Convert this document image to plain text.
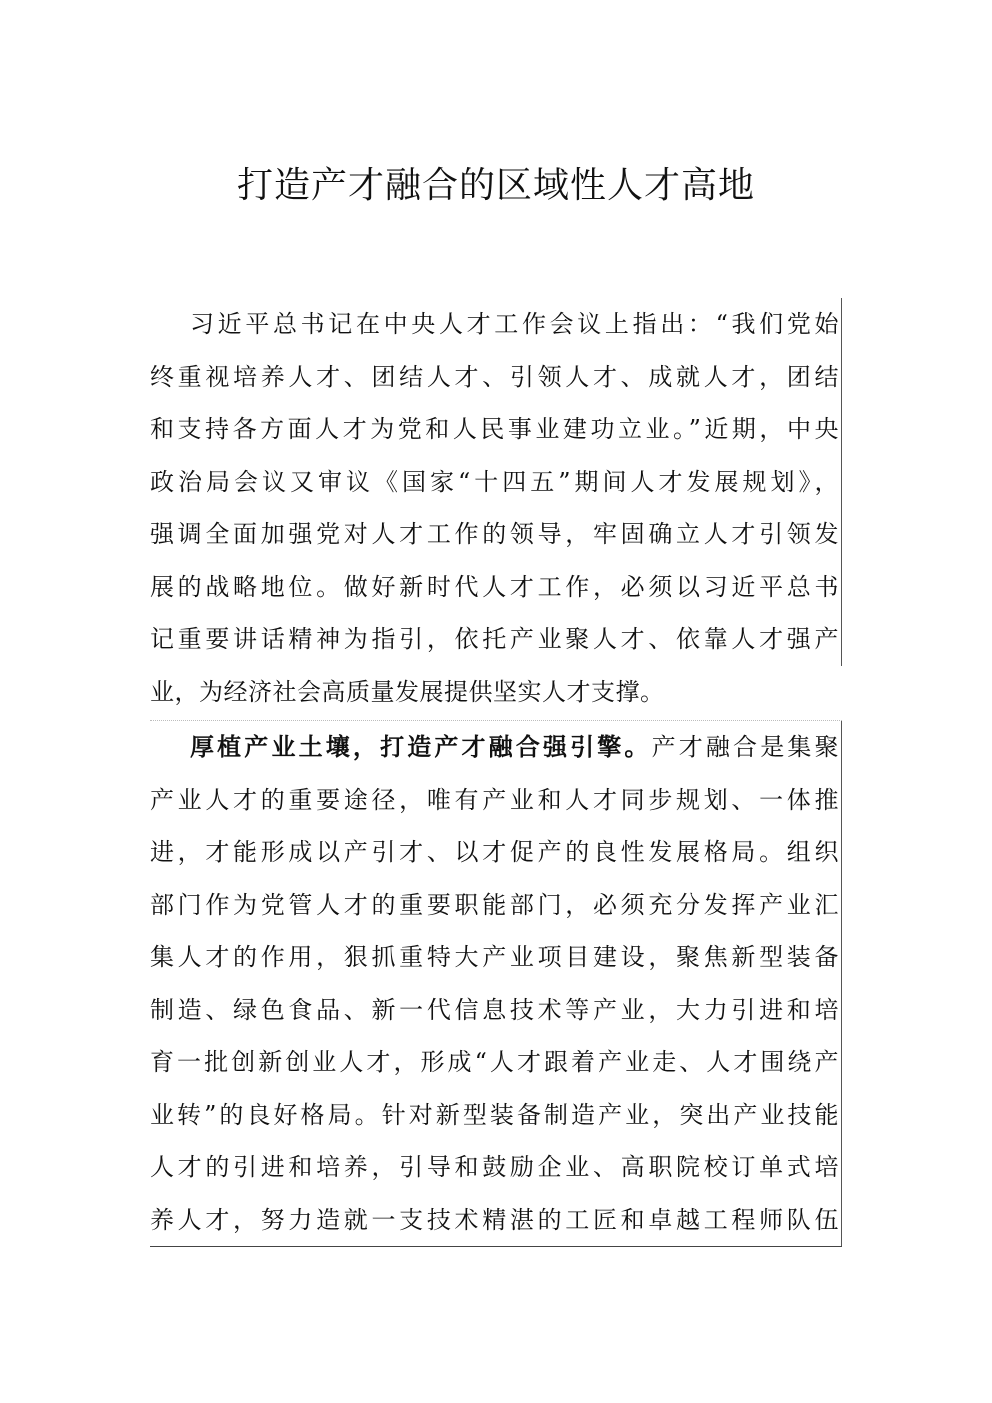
打造产才融合的区域性人才高地
习近平总书记在中央人才工作会议上指出：“我们党始
终重视培养人才、团结人才、引领人才、成就人才，团结
和支持各方面人才为党和人民事业建功立业。”近期，中央
政治局会议又审议《国家“十四五”期间人才发展规划》，
强调全面加强党对人才工作的领导，牢固确立人才引领发
展的战略地位。做好新时代人才工作，必须以习近平总书
记重要讲话精神为指引，依托产业聚人才、依靠人才强产
业，为经济社会高质量发展提供坚实人才支撑。
厚植产业土壤，打造产才融合强引擎。产才融合是集聚
产业人才的重要途径，唯有产业和人才同步规划、一体推
进，才能形成以产引才、以才促产的良性发展格局。组织
部门作为党管人才的重要职能部门，必须充分发挥产业汇
集人才的作用，狠抓重特大产业项目建设，聚焦新型装备
制造、绿色食品、新一代信息技术等产业，大力引进和培
育一批创新创业人才，形成“人才跟着产业走、人才围绕产
业转”的良好格局。针对新型装备制造产业，突出产业技能
人才的引进和培养，引导和鼓励企业、高职院校订单式培
养人才，努力造就一支技术精湛的工匠和卓越工程师队伍
